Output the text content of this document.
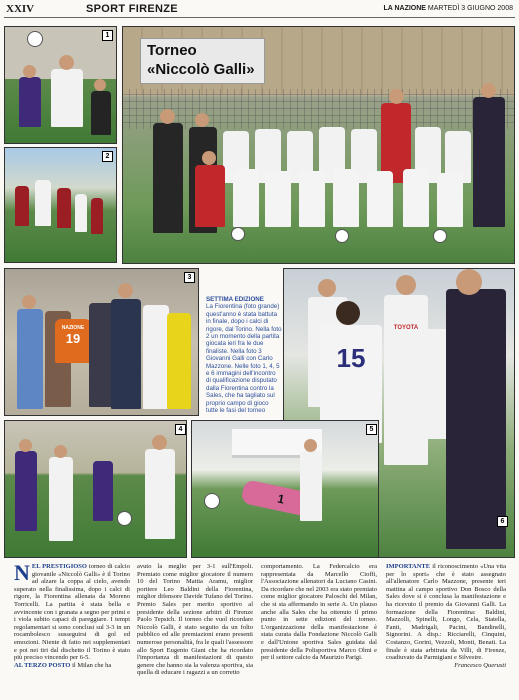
XXIV	SPORT FIRENZE	LA NAZIONE MARTEDÌ 3 GIUGNO 2008
1
2
Torneo
«Niccolò Galli»
NAZIONE
19
3
SETTIMA EDIZIONE
La Fiorentina (foto grande) quest'anno è stata battuta in finale, dopo i calci di rigore, dal Torino. Nella foto 2 un momento della partita giocata ieri fra le due finaliste. Nella foto 3 Giovanni Galli con Carlo Mazzone. Nelle foto 1, 4, 5 e 6 immagini dell'incontro di qualificazione disputato dalla Fiorentina contro la Sales, che ha tagliato sul proprio campo di gioco tutte le fasi del torneo
15
TOYOTA
6
4
1
5
NEL PRESTIGIOSO torneo di calcio giovanile «Niccolò Galli» è il Torino ad alzare la coppa al cielo, avendo superato nella finalissima, dopo i calci di rigore, la Fiorentina allenata da Moreno Torricelli. La partita è stata bella e avvincente con i granata a segno per primi e i viola subito capaci di pareggiare. I tempi regolamentari si sono conclusi sul 3-3 in un rocambolesco susseguirsi di gol ed emozioni. Niente di fatto nei supplementari e poi nei tiri dal dischetto il Torino è stato più preciso vincendo per 6-5.
AL TERZO POSTO il Milan che ha
avuto la meglio per 3-1 sull'Empoli. Premiato come miglior giocatore il numero 10 del Torino Mattia Aramu, miglior portiere Leo Baldini della Fiorentina, miglior difensore Davide Tufano del Torino. Premio Sales per merito sportivo al presidente della sezione arbitri di Firenze Paolo Tepsich. Il torneo che vuol ricordare Niccolò Galli, è stato seguito da un folto pubblico ed alle premiazioni erano presenti numerose personalità, fra le quali l'assessore allo Sport Eugenio Giani che ha ricordato l'importanza di manifestazioni di questo genere che hanno sia la valenza sportiva, sia quella di educare i ragazzi a un corretto
comportamento. La Federcalcio era rappresentata da Marcello Cioffi, l'Associazione allenatori da Luciano Casini. Da ricordare che nel 2003 era stato premiato come miglior giocatore Paloschi del Milan, che si sta affermando in serie A. Un plauso anche alla Sales che ha ottenuto il primo punto in sette edizioni del torneo. L'organizzazione della manifestazione è stata curata dalla Fondazione Niccolò Galli e dall'Unione sportiva Sales guidata dal presidente della Polisportiva Marco Olmi e per il settore calcio da Maurizio Parigi.
IMPORTANTE il riconoscimento «Una vita per lo sport» che è stato assegnato all'allenatore Carlo Mazzone, presente ieri mattina al campo sportivo Don Bosco della Sales dove si è conclusa la manifestazione e ha ricevuto il premio da Giovanni Galli. La formazione della Fiorentina: Baldini, Mazzolli, Spinelli, Longo, Cela, Statella, Fanti, Madrigali, Pacini, Bandinelli, Signorini. A disp.: Ricciarelli, Cinquini, Costanzo, Gorini, Vezzoli, Monti, Benati. La finale è stata arbitrata da Villi, di Firenze, coadiuvato da Parmigiani e Silvestre.
Francesco Querusti
